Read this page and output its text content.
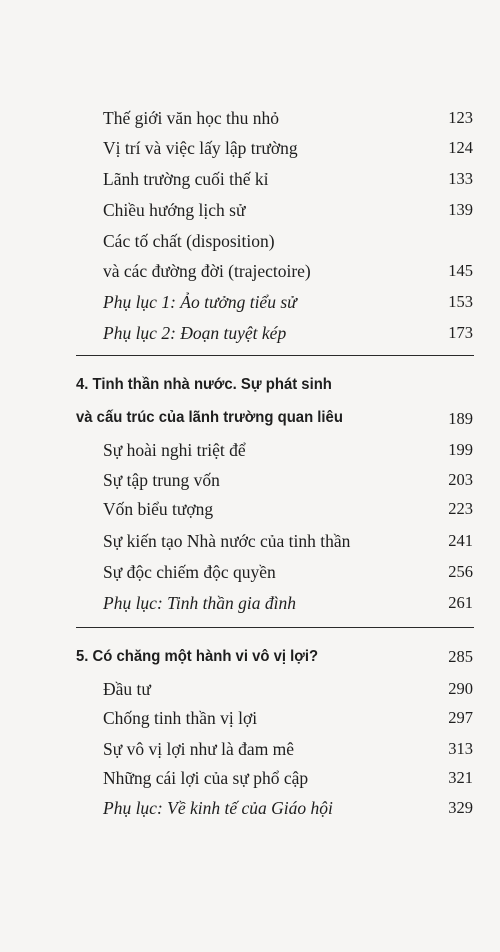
Thế giới văn học thu nhỏ	123
Vị trí và việc lấy lập trường	124
Lãnh trường cuối thế kỉ	133
Chiều hướng lịch sử	139
Các tố chất (disposition)
và các đường đời (trajectoire)	145
Phụ lục 1: Ảo tưởng tiểu sử	153
Phụ lục 2: Đoạn tuyệt kép	173
4. Tinh thần nhà nước. Sự phát sinh
và cấu trúc của lãnh trường quan liêu	189
Sự hoài nghi triệt để	199
Sự tập trung vốn	203
Vốn biểu tượng	223
Sự kiến tạo Nhà nước của tinh thần	241
Sự độc chiếm độc quyền	256
Phụ lục: Tinh thần gia đình	261
5. Có chăng một hành vi vô vị lợi?	285
Đầu tư	290
Chống tinh thần vị lợi	297
Sự vô vị lợi như là đam mê	313
Những cái lợi của sự phổ cập	321
Phụ lục: Về kinh tế của Giáo hội	329
